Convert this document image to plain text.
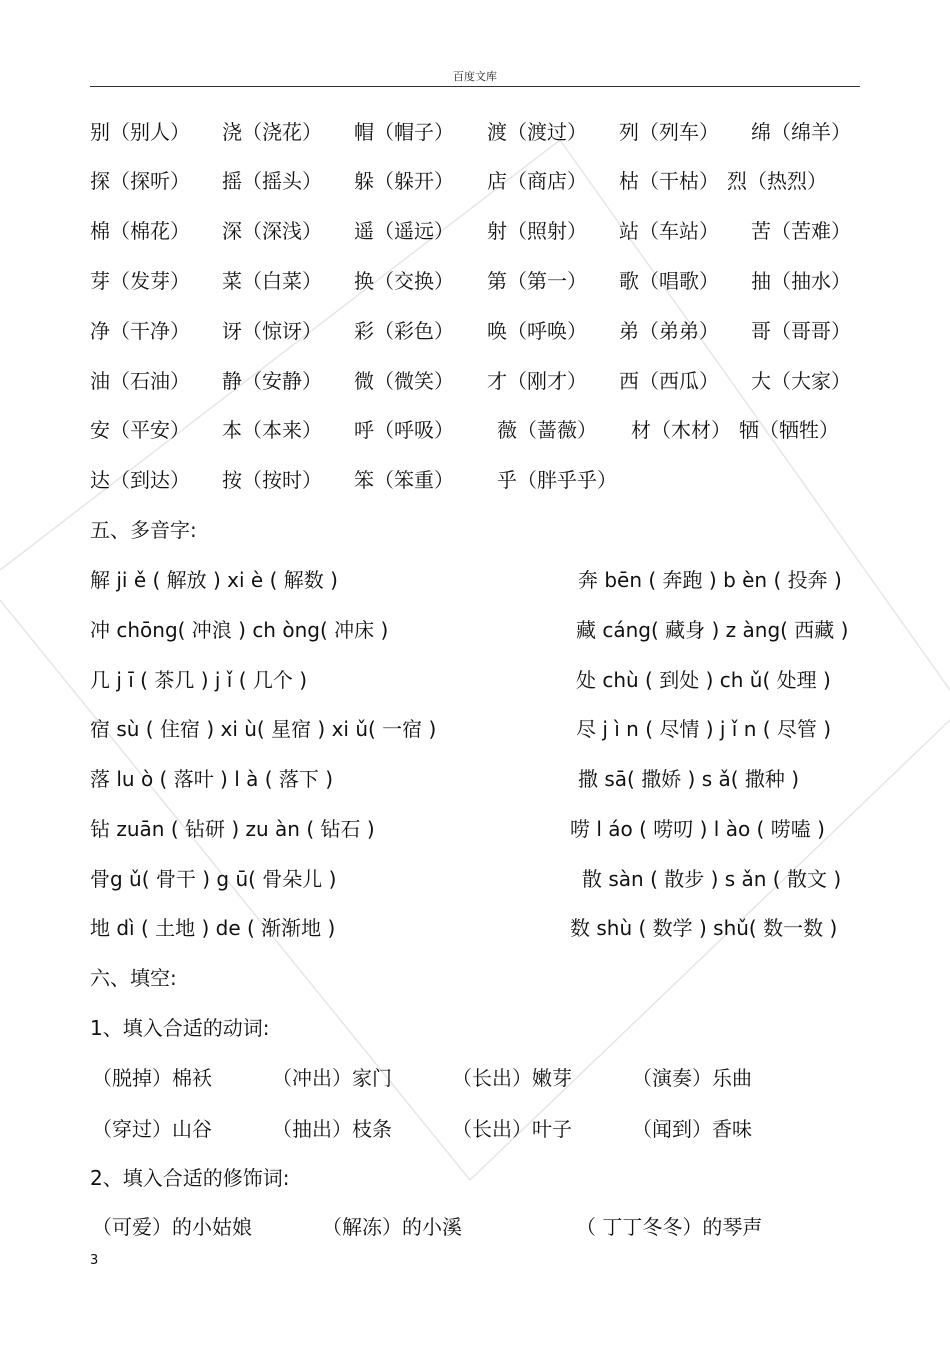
百度文库
别（别人） 浇（浇花） 帽（帽子） 渡（渡过） 列（列车） 绵（绵羊）
探（探听） 摇（摇头） 躲（躲开） 店（商店） 枯（干枯） 烈（热烈）
棉（棉花） 深（深浅） 遥（遥远） 射（照射） 站（车站） 苦（苦难）
芽（发芽） 菜（白菜） 换（交换） 第（第一） 歌（唱歌） 抽（抽水）
净（干净） 讶（惊讶） 彩（彩色） 唤（呼唤） 弟（弟弟） 哥（哥哥）
油（石油） 静（安静） 微（微笑） 才（刚才） 西（西瓜） 大（大家）
安（平安） 本（本来） 呼（呼吸） 薇（蔷薇） 材（木材） 牺（牺牲）
达（到达） 按（按时） 笨（笨重） 乎（胖乎乎）
五、多音字:
解 ji ě ( 解放 ) xi è ( 解数 )	奔 bēn ( 奔跑 ) b èn ( 投奔 )
冲 chōng( 冲浪 ) ch òng( 冲床 )	藏 cáng( 藏身 ) z àng( 西藏 )
几 j ī ( 茶几 ) j ǐ ( 几个 )	处 chù ( 到处 ) ch ǔ( 处理 )
宿 sù ( 住宿 ) xi ù( 星宿 ) xi ǔ( 一宿 )	尽 j ì n ( 尽情 ) j ǐ n ( 尽管 )
落 lu ò ( 落叶 ) l à ( 落下 )	撒 sā( 撒娇 ) s ǎ( 撒种 )
钻 zuān ( 钻研 ) zu àn ( 钻石 )	唠 l áo ( 唠叨 ) l ào ( 唠嗑 )
骨g ǔ( 骨干 ) g ū( 骨朵儿 )	散 sàn ( 散步 ) s ǎn ( 散文 )
地 dì ( 土地 ) de ( 渐渐地 )	数 shù ( 数学 ) shǔ( 数一数 )
六、填空:
1、填入合适的动词:
（脱掉）棉袄	（冲出）家门	（长出）嫩芽	（演奏）乐曲
（穿过）山谷	（抽出）枝条	（长出）叶子	（闻到）香味
2、填入合适的修饰词:
（可爱）的小姑娘	（解冻）的小溪	（ 丁丁冬冬）的琴声
3
